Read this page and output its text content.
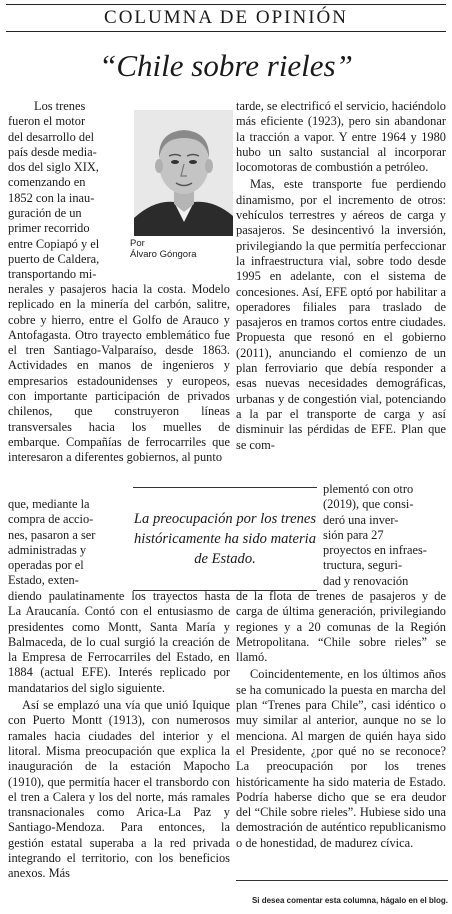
COLUMNA DE OPINIÓN
“Chile sobre rieles”
Por
Álvaro Góngora
Los trenes
fueron el motor
del desarrollo del
país desde media-
dos del siglo XIX,
comenzando en
1852 con la inau-
guración de un
primer recorrido
entre Copiapó y el
puerto de Caldera,
transportando mi-

nerales y pasajeros hacia la costa. Modelo replicado en la minería del carbón, salitre, cobre y hierro, entre el Golfo de Arauco y Antofagasta. Otro trayecto emblemático fue el tren Santiago-Valparaíso, desde 1863. Actividades en manos de ingenieros y empresarios estadounidenses y europeos, con importante participación de privados chilenos, que construyeron líneas transversales hacia los muelles de embarque. Compañías de ferrocarriles que interesaron a diferentes gobiernos, al punto

que, mediante la
compra de accio-
nes, pasaron a ser
administradas y
operadas por el
Estado, exten-

diendo paulatinamente los trayectos hasta La Araucanía. Contó con el entusiasmo de presidentes como Montt, Santa María y Balmaceda, de lo cual surgió la creación de la Empresa de Ferrocarriles del Estado, en 1884 (actual EFE). Interés replicado por mandatarios del siglo siguiente.

Así se emplazó una vía que unió Iquique con Puerto Montt (1913), con numerosos ramales hacia ciudades del interior y el litoral. Misma preocupación que explica la inauguración de la estación Mapocho (1910), que permitía hacer el transbordo con el tren a Calera y los del norte, más ramales transnacionales como Arica-La Paz y Santiago-Mendoza. Para entonces, la gestión estatal superaba a la red privada integrando el territorio, con los beneficios anexos. Más

tarde, se electrificó el servicio, haciéndolo más eficiente (1923), pero sin abandonar la tracción a vapor. Y entre 1964 y 1980 hubo un salto sustancial al incorporar locomotoras de combustión a petróleo.

Mas, este transporte fue perdiendo dinamismo, por el incremento de otros: vehículos terrestres y aéreos de carga y pasajeros. Se desincentivó la inversión, privilegiando la que permitía perfeccionar la infraestructura vial, sobre todo desde 1995 en adelante, con el sistema de concesiones. Así, EFE optó por habilitar a operadores filiales para traslado de pasajeros en tramos cortos entre ciudades. Propuesta que resonó en el gobierno (2011), anunciando el comienzo de un plan ferroviario que debía responder a esas nuevas necesidades demográficas, urbanas y de congestión vial, potenciando a la par el transporte de carga y así disminuir las pérdidas de EFE. Plan que se com-

plementó con otro
(2019), que consi-
deró una inver-
sión para 27
proyectos en infraes-
tructura, seguri-
dad y renovación

de la flota de trenes de pasajeros y de carga de última generación, privilegiando regiones y a 20 comunas de la Región Metropolitana. “Chile sobre rieles” se llamó.

Coincidentemente, en los últimos años se ha comunicado la puesta en marcha del plan “Trenes para Chile”, casi idéntico o muy similar al anterior, aunque no se lo menciona. Al margen de quién haya sido el Presidente, ¿por qué no se reconoce? La preocupación por los trenes históricamente ha sido materia de Estado. Podría haberse dicho que se era deudor del “Chile sobre rieles”. Hubiese sido una demostración de auténtico republicanismo o de honestidad, de madurez cívica.

La preocupación por los trenes históricamente ha sido materia de Estado.
Si desea comentar esta columna, hágalo en el blog.
